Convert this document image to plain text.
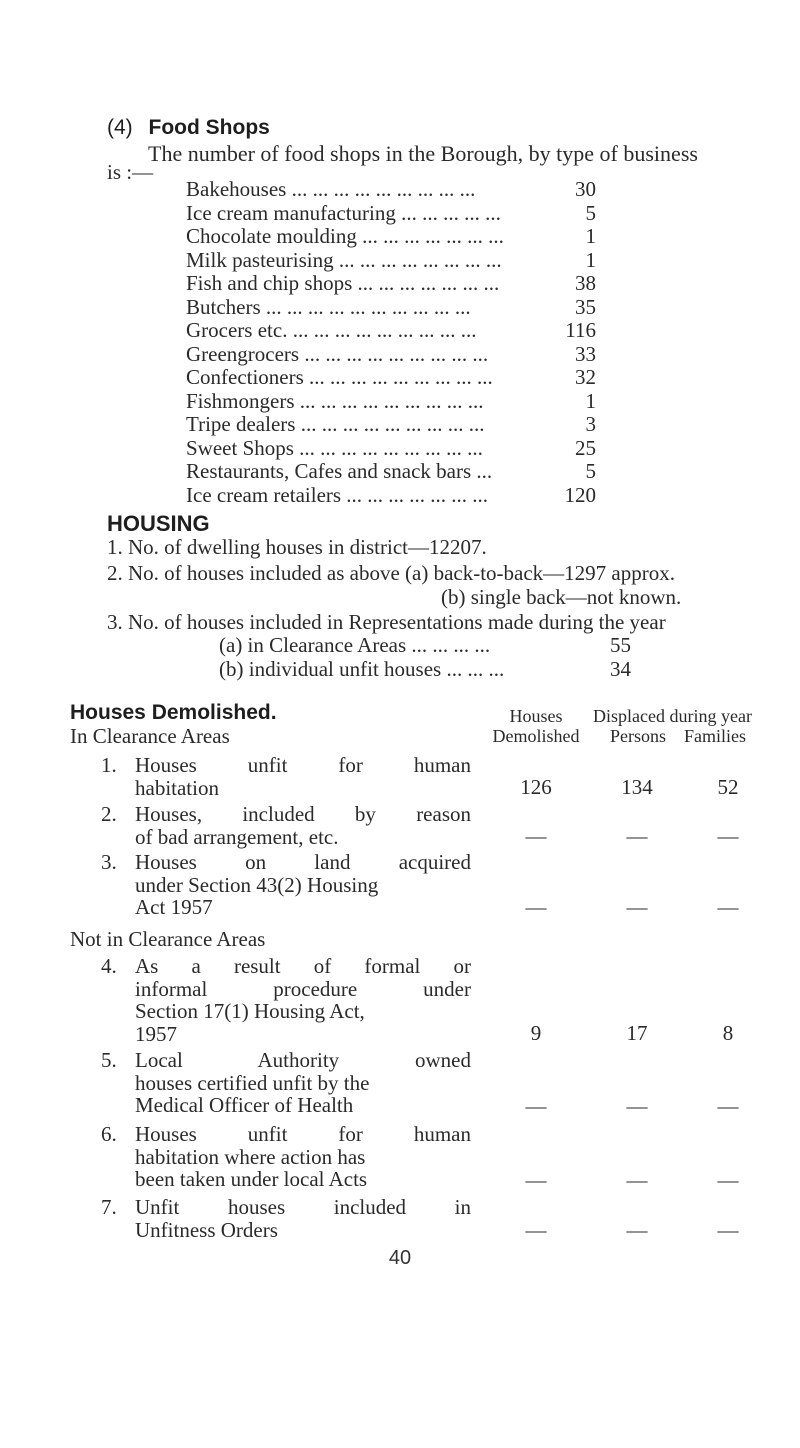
(4) Food Shops
The number of food shops in the Borough, by type of business
is :—
Bakehouses ... ... ... ... ... ... ... ... ...	30
Ice cream manufacturing ... ... ... ... ...	5
Chocolate moulding ... ... ... ... ... ... ...	1
Milk pasteurising ... ... ... ... ... ... ... ...	1
Fish and chip shops ... ... ... ... ... ... ...	38
Butchers ... ... ... ... ... ... ... ... ... ...	35
Grocers etc. ... ... ... ... ... ... ... ... ...	116
Greengrocers ... ... ... ... ... ... ... ... ...	33
Confectioners ... ... ... ... ... ... ... ... ...	32
Fishmongers ... ... ... ... ... ... ... ... ...	1
Tripe dealers ... ... ... ... ... ... ... ... ...	3
Sweet Shops ... ... ... ... ... ... ... ... ...	25
Restaurants, Cafes and snack bars ...	5
Ice cream retailers ... ... ... ... ... ... ...	120
HOUSING
1. No. of dwelling houses in district—12207.
2. No. of houses included as above (a) back-to-back—1297 approx.
(b) single back—not known.
3. No. of houses included in Representations made during the year
(a) in Clearance Areas ... ... ... ...	55
(b) individual unfit houses ... ... ...	34
Houses Demolished.
In Clearance Areas
Houses
Demolished
Displaced during year
Persons	Families
1. Houses unfit for human
habitation	126	134	52
2. Houses, included by reason
of bad arrangement, etc.	—	—	—
3. Houses on land acquired
under Section 43(2) Housing
Act 1957	—	—	—
Not in Clearance Areas
4. As a result of formal or
informal procedure under
Section 17(1) Housing Act,
1957	9	17	8
5. Local Authority owned
houses certified unfit by the
Medical Officer of Health	—	—	—
6. Houses unfit for human
habitation where action has
been taken under local Acts	—	—	—
7. Unfit houses included in
Unfitness Orders	—	—	—
40
